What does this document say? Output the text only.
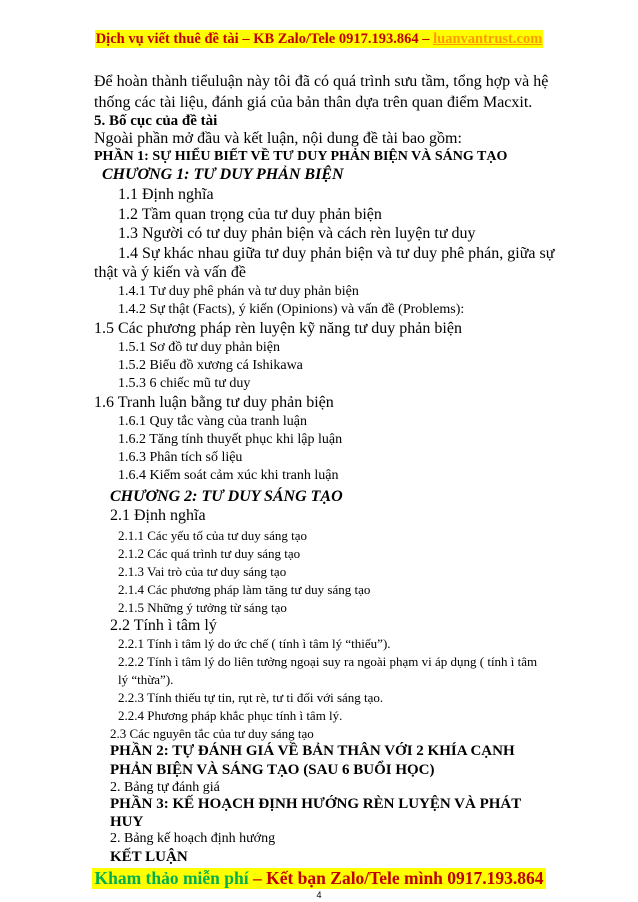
Dịch vụ viết thuê đề tài – KB Zalo/Tele 0917.193.864 – luanvantrust.com
Để hoàn thành tiểuluận này tôi đã có quá trình sưu tầm, tổng hợp và hệ
thống các tài liệu, đánh giá của bản thân dựa trên quan điểm Macxit.
5. Bố cục của đề tài
Ngoài phần mở đầu và kết luận, nội dung đề tài bao gồm:
PHẦN 1: SỰ HIỂU BIẾT VỀ TƯ DUY PHẢN BIỆN VÀ SÁNG TẠO
CHƯƠNG 1: TƯ DUY PHẢN BIỆN
1.1 Định nghĩa
1.2 Tầm quan trọng của tư duy phản biện
1.3 Người có tư duy phản biện và cách rèn luyện tư duy
1.4 Sự khác nhau giữa tư duy phản biện và tư duy phê phán, giữa sự
thật và ý kiến và vấn đề
1.4.1 Tư duy phê phán và tư duy phản biện
1.4.2 Sự thật (Facts), ý kiến (Opinions) và vấn đề (Problems):
1.5 Các phương pháp rèn luyện kỹ năng tư duy phản biện
1.5.1 Sơ đồ tư duy phản biện
1.5.2 Biểu đồ xương cá Ishikawa
1.5.3 6 chiếc mũ tư duy
1.6 Tranh luận bằng tư duy phản biện
1.6.1 Quy tắc vàng của tranh luận
1.6.2 Tăng tính thuyết phục khi lập luận
1.6.3 Phân tích số liệu
1.6.4 Kiểm soát cảm xúc khi tranh luận
CHƯƠNG 2: TƯ DUY SÁNG TẠO
2.1 Định nghĩa
2.1.1 Các yếu tố của tư duy sáng tạo
2.1.2 Các quá trình tư duy sáng tạo
2.1.3 Vai trò của tư duy sáng tạo
2.1.4 Các phương pháp làm tăng tư duy sáng tạo
2.1.5 Những ý tưởng từ sáng tạo
2.2 Tính ì tâm lý
2.2.1 Tính ì tâm lý do ức chế ( tính ì tâm lý “thiếu”).
2.2.2 Tính ì tâm lý do liên tưởng ngoại suy ra ngoài phạm vi áp dụng ( tính ì tâm
lý “thừa”).
2.2.3 Tính thiếu tự tin, rụt rè, tư ti đối với sáng tạo.
2.2.4 Phương pháp khắc phục tính ì tâm lý.
2.3 Các nguyên tắc của tư duy sáng tạo
PHẦN 2: TỰ ĐÁNH GIÁ VỀ BẢN THÂN VỚI 2 KHÍA CẠNH
PHẢN BIỆN VÀ SÁNG TẠO (SAU 6 BUỔI HỌC)
2. Bảng tự đánh giá
Kham thảo miễn phí – Kết bạn Zalo/Tele mình 0917.193.864
4
PHẦN 3: KẾ HOẠCH ĐỊNH HƯỚNG RÈN LUYỆN VÀ PHÁT
HUY
2. Bảng kế hoạch định hướng
KẾT LUẬN
